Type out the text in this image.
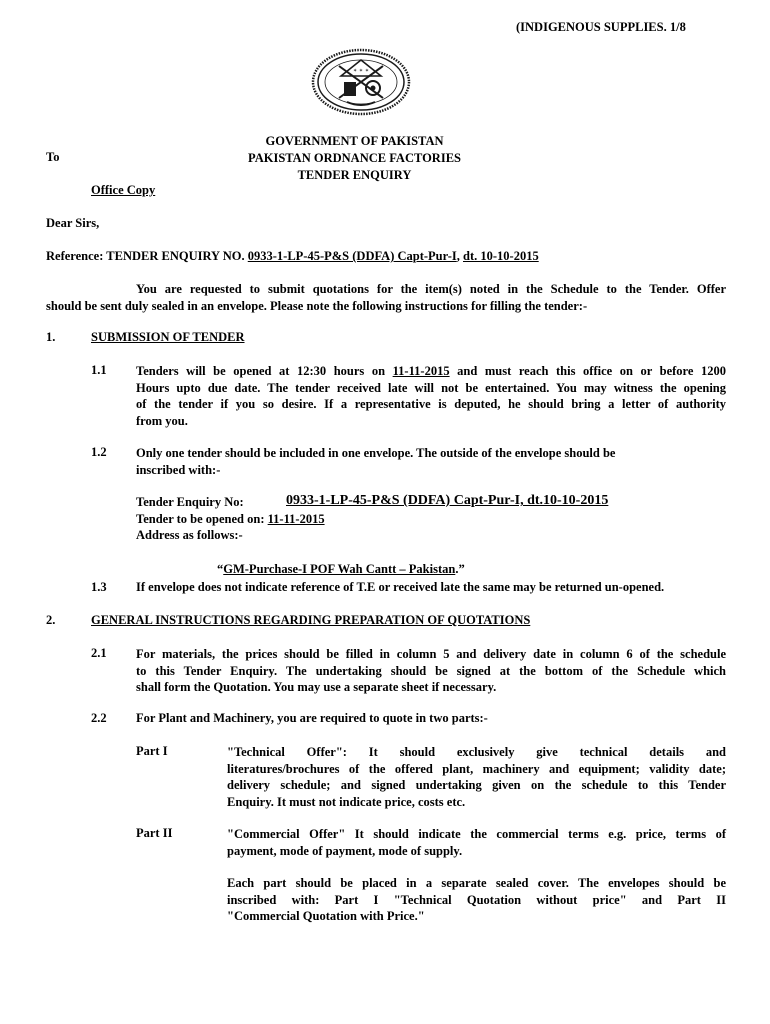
(INDIGENOUS SUPPLIES. 1/8
✶ ✶ ✶
GOVERNMENT OF PAKISTAN
PAKISTAN ORDNANCE FACTORIES
TENDER ENQUIRY
To
Office Copy
Dear Sirs,
Reference: TENDER ENQUIRY NO. 0933-1-LP-45-P&S (DDFA) Capt-Pur-I, dt. 10-10-2015
You are requested to submit quotations for the item(s) noted in the Schedule to the Tender. Offer
should be sent duly sealed in an envelope. Please note the following instructions for filling the tender:-
1.	SUBMISSION OF TENDER
1.1 Tenders will be opened at 12:30 hours on 11-11-2015 and must reach this office on or before 1200
Hours upto due date. The tender received late will not be entertained. You may witness the opening
of the tender if you so desire. If a representative is deputed, he should bring a letter of authority
from you.
1.2 Only one tender should be included in one envelope. The outside of the envelope should be
inscribed with:-
Tender Enquiry No:	0933-1-LP-45-P&S (DDFA) Capt-Pur-I, dt.10-10-2015
Tender to be opened on: 11-11-2015
Address as follows:-
“GM-Purchase-I POF Wah Cantt – Pakistan.”
1.3 If envelope does not indicate reference of T.E or received late the same may be returned un-opened.
2.	GENERAL INSTRUCTIONS REGARDING PREPARATION OF QUOTATIONS
2.1 For materials, the prices should be filled in column 5 and delivery date in column 6 of the schedule
to this Tender Enquiry. The undertaking should be signed at the bottom of the Schedule which
shall form the Quotation. You may use a separate sheet if necessary.
2.2 For Plant and Machinery, you are required to quote in two parts:-
Part I	"Technical Offer": It should exclusively give technical details and
literatures/brochures of the offered plant, machinery and equipment; validity date;
delivery schedule; and signed undertaking given on the schedule to this Tender
Enquiry. It must not indicate price, costs etc.
Part II	"Commercial Offer" It should indicate the commercial terms e.g. price, terms of
payment, mode of payment, mode of supply.
Each part should be placed in a separate sealed cover. The envelopes should be
inscribed with: Part I "Technical Quotation without price" and Part II
"Commercial Quotation with Price."
